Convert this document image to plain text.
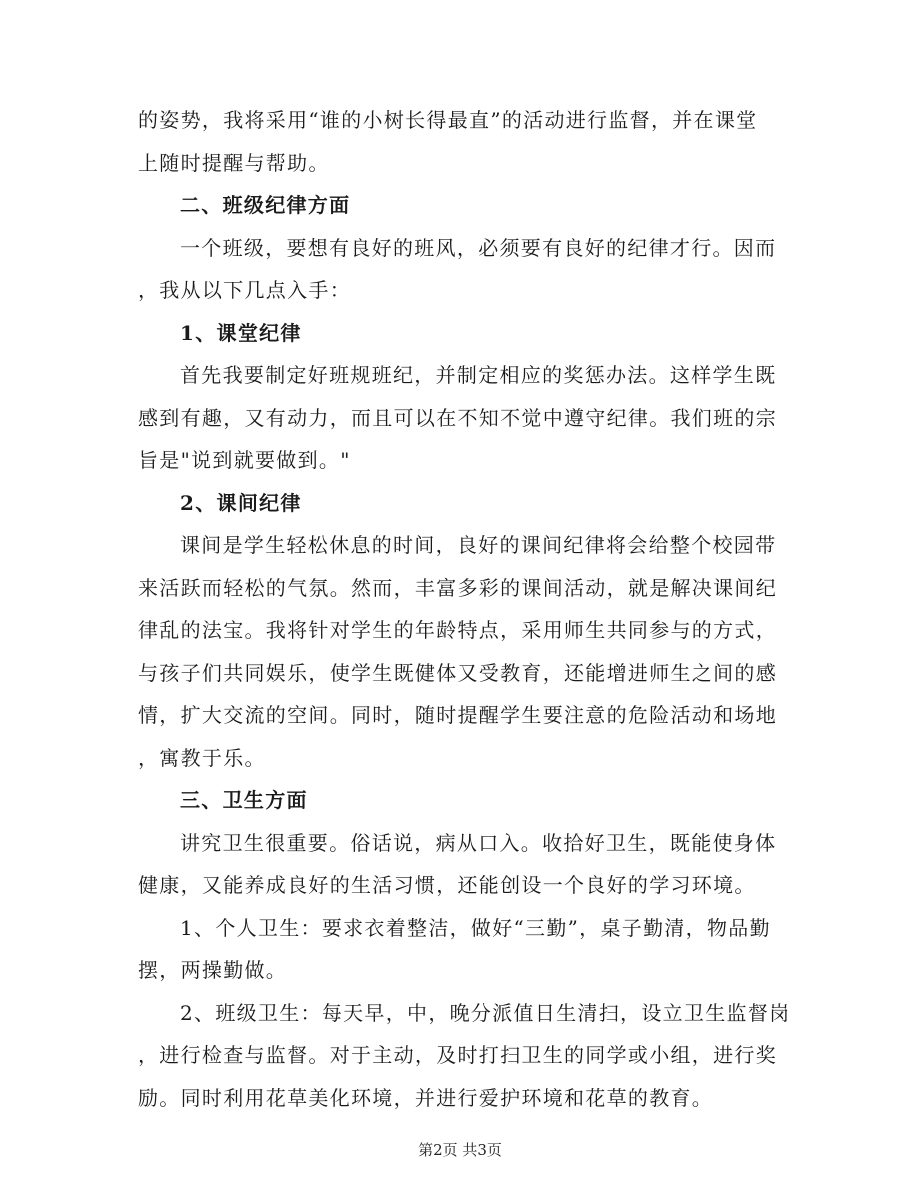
的姿势，我将采用“谁的小树长得最直”的活动进行监督，并在课堂
上随时提醒与帮助。
二、班级纪律方面
一个班级，要想有良好的班风，必须要有良好的纪律才行。因而
，我从以下几点入手：
1、课堂纪律
首先我要制定好班规班纪，并制定相应的奖惩办法。这样学生既
感到有趣，又有动力，而且可以在不知不觉中遵守纪律。我们班的宗
旨是"说到就要做到。"
2、课间纪律
课间是学生轻松休息的时间，良好的课间纪律将会给整个校园带
来活跃而轻松的气氛。然而，丰富多彩的课间活动，就是解决课间纪
律乱的法宝。我将针对学生的年龄特点，采用师生共同参与的方式，
与孩子们共同娱乐，使学生既健体又受教育，还能增进师生之间的感
情，扩大交流的空间。同时，随时提醒学生要注意的危险活动和场地
，寓教于乐。
三、卫生方面
讲究卫生很重要。俗话说，病从口入。收拾好卫生，既能使身体
健康，又能养成良好的生活习惯，还能创设一个良好的学习环境。
1、个人卫生：要求衣着整洁，做好“三勤”，桌子勤清，物品勤
摆，两操勤做。
2、班级卫生：每天早，中，晚分派值日生清扫，设立卫生监督岗
，进行检查与监督。对于主动，及时打扫卫生的同学或小组，进行奖
励。同时利用花草美化环境，并进行爱护环境和花草的教育。
第2页 共3页
